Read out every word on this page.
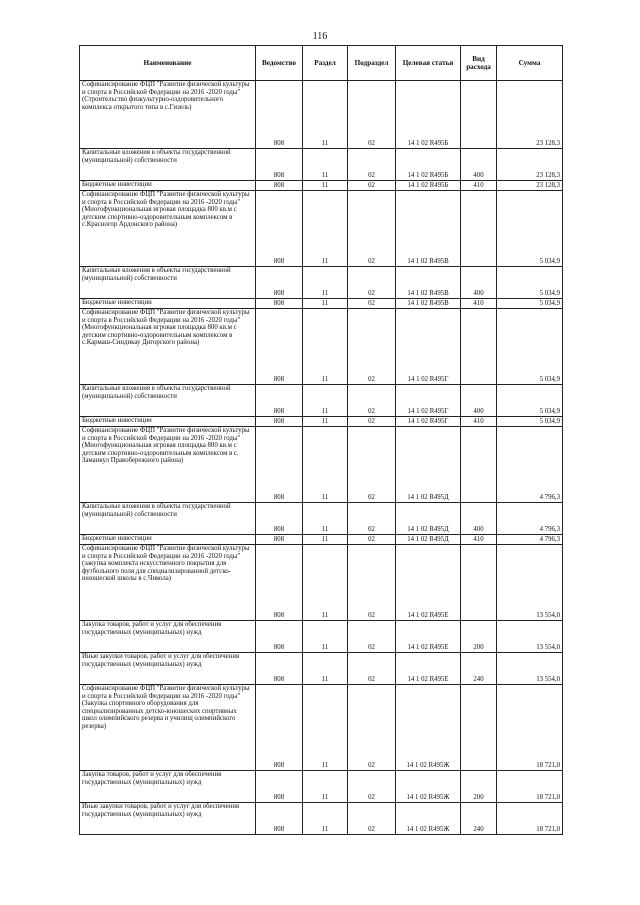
116
Наименование	Ведомство	Раздел	Подраздел	Целевая статья	Вид расхода	Сумма
Софинансирование ФЦП "Развитие физической культуры и спорта в Российской Федерации на 2016 -2020 годы" (Строительство физкультурно-оздоровительного комплекса открытого типа в с.Гизель)	808	11	02	14 1 02 R495Б		23 128,3
Капитальные вложения в объекты государственной (муниципальной) собственности	808	11	02	14 1 02 R495Б	400	23 128,3
Бюджетные инвестиции	808	11	02	14 1 02 R495Б	410	23 128,3
Софинансирование ФЦП "Развитие физической культуры и спорта в Российской Федерации на 2016 -2020 годы" (Многофункциональная игровая площадка 800 кв.м с детским спортивно-оздоровительным комплексом в с.Красногор Ардонского района)	808	11	02	14 1 02 R495В		5 034,9
Капитальные вложения в объекты государственной (муниципальной) собственности	808	11	02	14 1 02 R495В	400	5 034,9
Бюджетные инвестиции	808	11	02	14 1 02 R495В	410	5 034,9
Софинансирование ФЦП "Развитие физической культуры и спорта в Российской Федерации на 2016 -2020 годы" (Многофункциональная игровая площадка 800 кв.м с детским спортивно-оздоровительным комплексом в с.Кармаш-Синдикау Дигорского района)	808	11	02	14 1 02 R495Г		5 034,9
Капитальные вложения в объекты государственной (муниципальной) собственности	808	11	02	14 1 02 R495Г	400	5 034,9
Бюджетные инвестиции	808	11	02	14 1 02 R495Г	410	5 034,9
Софинансирование ФЦП "Развитие физической культуры и спорта в Российской Федерации на 2016 -2020 годы" (Многофункциональная игровая площадка 800 кв.м с детским спортивно-оздоровительным комплексом в с. Заманкул Правобережного района)	808	11	02	14 1 02 R495Д		4 796,3
Капитальные вложения в объекты государственной (муниципальной) собственности	808	11	02	14 1 02 R495Д	400	4 796,3
Бюджетные инвестиции	808	11	02	14 1 02 R495Д	410	4 796,3
Софинансирование ФЦП "Развитие физической культуры и спорта в Российской Федерации на 2016 -2020 годы" (закупка комплекта искусственного покрытия для футбольного поля для специализированной детско-юношеской школы в с.Чикола)	808	11	02	14 1 02 R495Е		13 554,0
Закупка товаров, работ и услуг для обеспечения государственных (муниципальных) нужд	808	11	02	14 1 02 R495Е	200	13 554,0
Иные закупки товаров, работ и услуг для обеспечения государственных (муниципальных) нужд	808	11	02	14 1 02 R495Е	240	13 554,0
Софинансирование ФЦП "Развитие физической культуры и спорта в Российской Федерации на 2016 -2020 годы" (Закупка спортивного оборудования для специализированных детско-юношеских спортивных школ олимпийского резерва и училищ олимпийского резерва)	808	11	02	14 1 02 R495Ж		18 721,0
Закупка товаров, работ и услуг для обеспечения государственных (муниципальных) нужд	808	11	02	14 1 02 R495Ж	200	18 721,0
Иные закупки товаров, работ и услуг для обеспечения государственных (муниципальных) нужд	808	11	02	14 1 02 R495Ж	240	18 721,0
